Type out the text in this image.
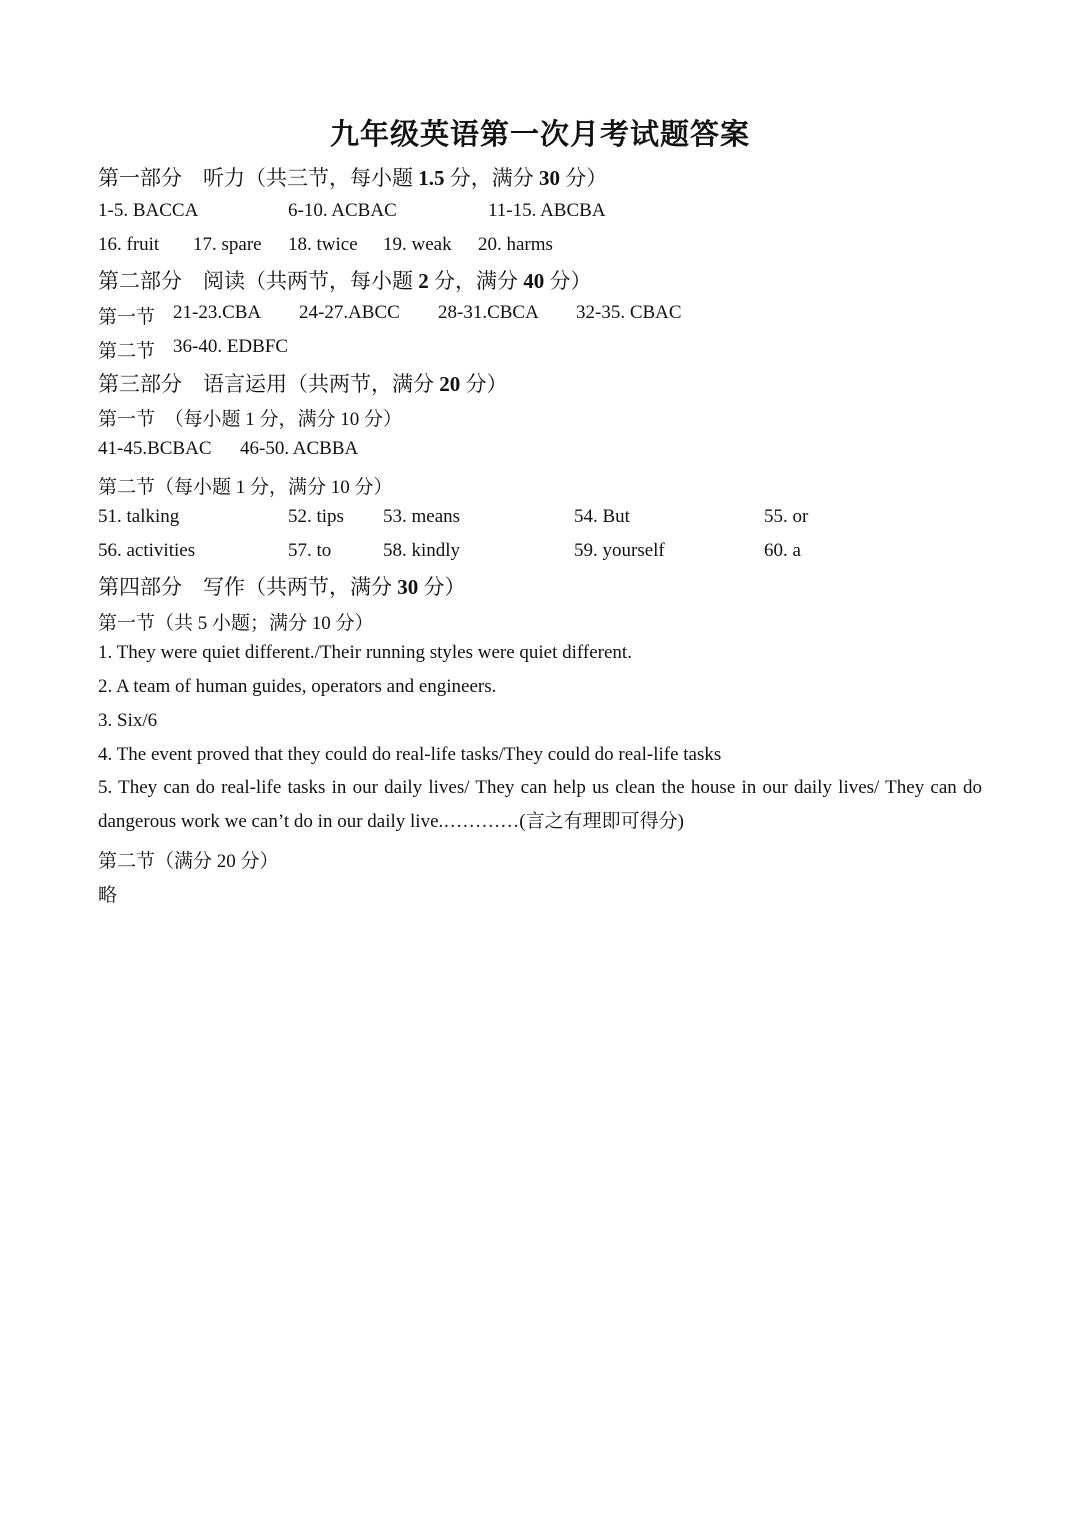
九年级英语第一次月考试题答案
第一部分　听力（共三节，每小题 1.5 分，满分 30 分）
1-5. BACCA	6-10. ACBAC	11-15. ABCBA
16. fruit 17. spare 18. twice 19. weak 20. harms
第二部分　阅读（共两节，每小题 2 分，满分 40 分）
第一节 21-23.CBA 24-27.ABCC 28-31.CBCA 32-35. CBAC
第二节 36-40. EDBFC
第三部分　语言运用（共两节，满分 20 分）
第一节　（每小题 1 分，满分 10 分）
41-45.BCBAC 46-50. ACBBA
第二节（每小题 1 分，满分 10 分）
51. talking	52. tips 53. means	54. But	55. or
56. activities	57. to	58. kindly	59. yourself	60. a
第四部分　写作（共两节，满分 30 分）
第一节（共 5 小题；满分 10 分）
1. They were quiet different./Their running styles were quiet different.
2. A team of human guides, operators and engineers.
3. Six/6
4. The event proved that they could do real-life tasks/They could do real-life tasks
5. They can do real-life tasks in our daily lives/ They can help us clean the house in our daily lives/ They can do dangerous work we can’t do in our daily live.…………(言之有理即可得分)
第二节（满分 20 分）
略
